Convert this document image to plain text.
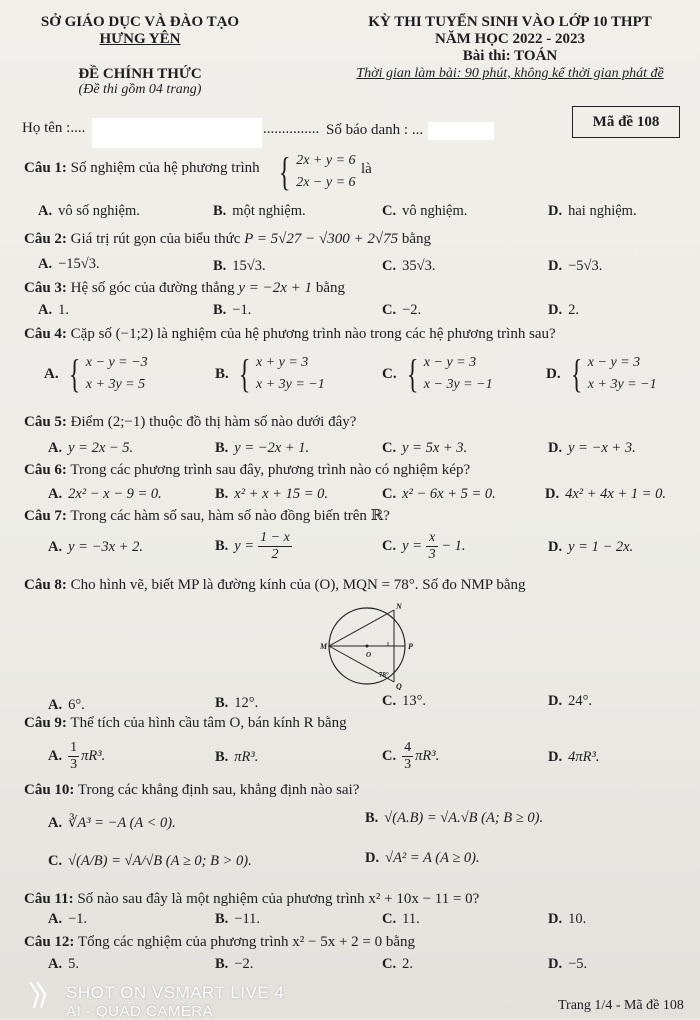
SỞ GIÁO DỤC VÀ ĐÀO TẠO
HƯNG YÊN
ĐỀ CHÍNH THỨC
(Đề thi gồm 04 trang)
KỲ THI TUYỂN SINH VÀO LỚP 10 THPT
NĂM HỌC 2022 - 2023
Bài thi: TOÁN
Thời gian làm bài: 90 phút, không kể thời gian phát đề
Họ tên :....	............... Số báo danh : ...
Mã đề 108
Câu 1: Số nghiệm của hệ phương trình { 2x + y = 6
2x − y = 6
là
A. vô số nghiệm.	B. một nghiệm.	C. vô nghiệm.	D. hai nghiệm.
Câu 2: Giá trị rút gọn của biểu thức P = 5√27 − √300 + 2√75 bằng
A. −15√3.	B. 15√3.	C. 35√3.	D. −5√3.
Câu 3: Hệ số góc của đường thẳng y = −2x + 1 bằng
A. 1.	B. −1.	C. −2.	D. 2.
Câu 4: Cặp số (−1;2) là nghiệm của hệ phương trình nào trong các hệ phương trình sau?
A. { x − y = −3
x + 3y = 5
B. { x + y = 3
x + 3y = −1
C. { x − y = 3
x − 3y = −1
D. { x − y = 3
x + 3y = −1
Câu 5: Điểm (2;−1) thuộc đồ thị hàm số nào dưới đây?
A. y = 2x − 5.	B. y = −2x + 1.	C. y = 5x + 3.	D. y = −x + 3.
Câu 6: Trong các phương trình sau đây, phương trình nào có nghiệm kép?
A. 2x² − x − 9 = 0.	B. x² + x + 15 = 0.	C. x² − 6x + 5 = 0.	D. 4x² + 4x + 1 = 0.
Câu 7: Trong các hàm số sau, hàm số nào đồng biến trên ℝ?
A. y = −3x + 2.	B. $y = \frac{1 - x}{2}$	C. $y = \frac{x}{3} - 1$.	D. y = 1 − 2x.
Câu 8: Cho hình vẽ, biết MP là đường kính của (O), MQN = 78°. Số đo NMP bằng
M
N
P
Q
O
78°
A. 6°.	B. 12°.	C. 13°.	D. 24°.
Câu 9: Thể tích của hình cầu tâm O, bán kính R bằng
A.
1
3
πR³.	B. πR³.	C.
4
3
πR³.	D. 4πR³.
Câu 10: Trong các khẳng định sau, khẳng định nào sai?
A. ∛A³ = −A (A < 0).	B. √(A.B) = √A.√B (A; B ≥ 0).
C. √(A/B) = √A/√B (A ≥ 0; B > 0).	D. √A² = A (A ≥ 0).
Câu 11: Số nào sau đây là một nghiệm của phương trình x² + 10x − 11 = 0?
A. −1.	B. −11.	C. 11.	D. 10.
Câu 12: Tổng các nghiệm của phương trình x² − 5x + 2 = 0 bằng
A. 5.	B. −2.	C. 2.	D. −5.
Trang 1/4 - Mã đề 108
SHOT ON VSMART LIVE 4
AI - QUAD CAMERA
